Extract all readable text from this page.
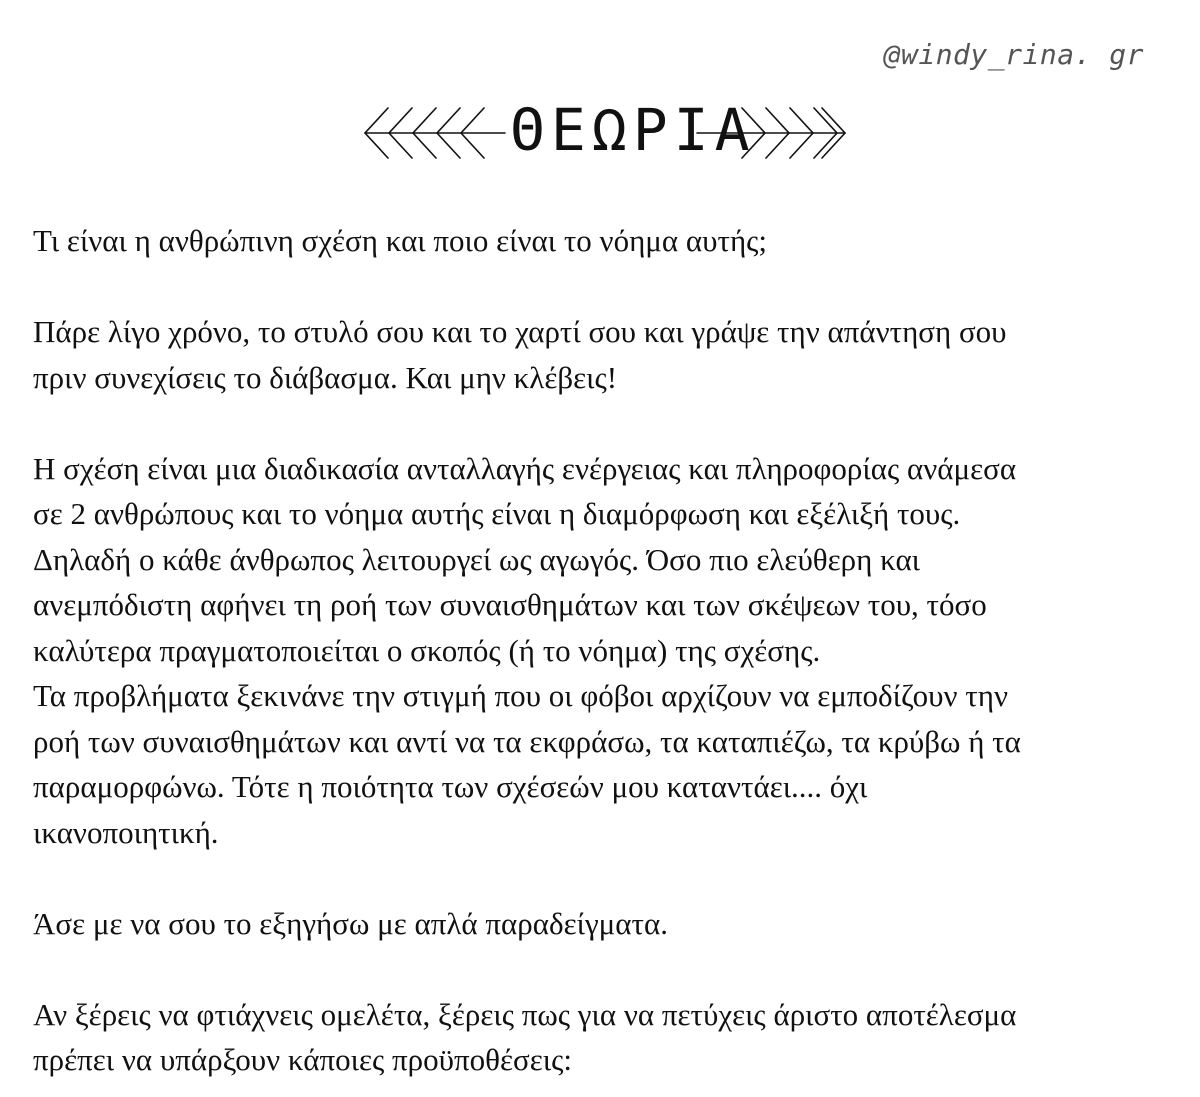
@windy_rina. gr
ΘΕΩΡΙΑ
Τι είναι η ανθρώπινη σχέση και ποιο είναι το νόημα αυτής;
Πάρε λίγο χρόνο, το στυλό σου και το χαρτί σου και γράψε την απάντηση σου
πριν συνεχίσεις το διάβασμα. Και μην κλέβεις!
Η σχέση είναι μια διαδικασία ανταλλαγής ενέργειας και πληροφορίας ανάμεσα
σε 2 ανθρώπους και το νόημα αυτής είναι η διαμόρφωση και εξέλιξή τους.
Δηλαδή ο κάθε άνθρωπος λειτουργεί ως αγωγός. Όσο πιο ελεύθερη και
ανεμπόδιστη αφήνει τη ροή των συναισθημάτων και των σκέψεων του, τόσο
καλύτερα πραγματοποιείται ο σκοπός (ή το νόημα) της σχέσης.
Τα προβλήματα ξεκινάνε την στιγμή που οι φόβοι αρχίζουν να εμποδίζουν την
ροή των συναισθημάτων και αντί να τα εκφράσω, τα καταπιέζω, τα κρύβω ή τα
παραμορφώνω. Τότε η ποιότητα των σχέσεών μου καταντάει.... όχι
ικανοποιητική.
Άσε με να σου το εξηγήσω με απλά παραδείγματα.
Αν ξέρεις να φτιάχνεις ομελέτα, ξέρεις πως για να πετύχεις άριστο αποτέλεσμα
πρέπει να υπάρξουν κάποιες προϋποθέσεις:
